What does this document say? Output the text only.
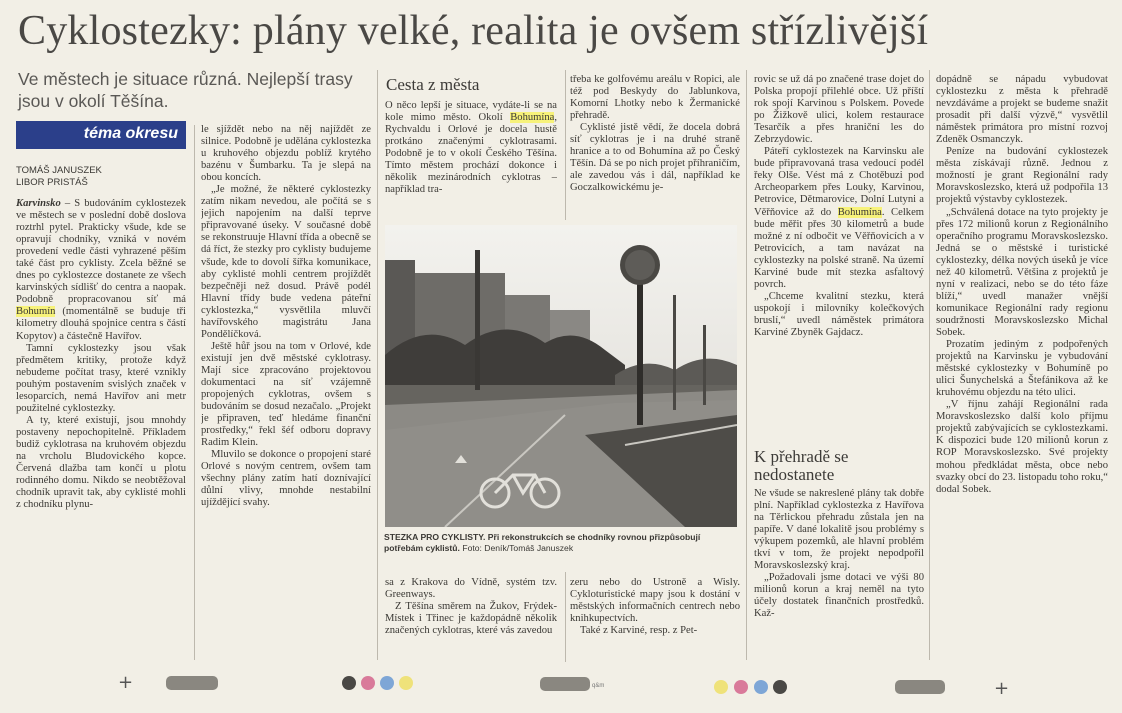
Cyklostezky: plány velké, realita je ovšem střízlivější
Ve městech je situace různá. Nejlepší trasy jsou v okolí Těšína.
téma okresu
TOMÁŠ JANUSZEK
LIBOR PRISTÁŠ

Karvinsko – S budováním cyklostezek ve městech se v poslední době doslova roztrhl pytel. Prakticky všude, kde se opravují chodníky, vzniká v novém provedení vedle části vyhrazené pěším také část pro cyklisty. Zcela běžné se dnes po cyklostezce dostanete ze všech karvinských sídlišť do centra a naopak. Podobně propracovanou síť má Bohumín (momentálně se buduje tři kilometry dlouhá spojnice centra s částí Kopytov) a částečně Havířov.

Tamní cyklostezky jsou však předmětem kritiky, protože když nebudeme počítat trasy, které vznikly pouhým postavením svislých značek v lesoparcích, nemá Havířov ani metr použitelné cyklostezky.

A ty, které existují, jsou mnohdy postaveny nepochopitelně. Příkladem budiž cyklotrasa na kruhovém objezdu na vrcholu Bludovického kopce. Červená dlažba tam končí u plotu rodinného domu. Nikdo se neobtěžoval chodník upravit tak, aby cyklisté mohli z chodníku plynu-

le sjíždět nebo na něj najíždět ze silnice. Podobně je udělána cyklostezka u kruhového objezdu poblíž krytého bazénu v Šumbarku. Ta je slepá na obou koncích.

„Je možné, že některé cyklostezky zatím nikam nevedou, ale počítá se s jejich napojením na další teprve připravované úseky. V současné době se rekonstruuje Hlavní třída a obecně se dá říct, že stezky pro cyklisty budujeme všude, kde to dovolí šířka komunikace, aby cyklisté mohli centrem projíždět bezpečněji než dosud. Právě podél Hlavní třídy bude vedena páteřní cyklostezka,“ vysvětlila mluvčí havířovského magistrátu Jana Pondělíčková.

Ještě hůř jsou na tom v Orlové, kde existují jen dvě městské cyklotrasy. Mají sice zpracováno projektovou dokumentaci na síť vzájemně propojených cyklotras, ovšem s budováním se dosud nezačalo. „Projekt je připraven, teď hledáme finanční prostředky,“ řekl šéf odboru dopravy Radim Klein.

Mluvilo se dokonce o propojení staré Orlové s novým centrem, ovšem tam všechny plány zatím hatí doznívající důlní vlivy, mnohde nestabilní ujíždějící svahy.

Cesta z města

O něco lepší je situace, vydáte-li se na kole mimo město. Okolí Bohumína, Rychvaldu i Orlové je docela hustě protkáno značenými cyklotrasami. Podobně je to v okolí Českého Těšína. Tímto městem prochází dokonce i několik mezinárodních cyklotras – například tra-

třeba ke golfovému areálu v Ropici, ale též pod Beskydy do Jablunkova, Komorní Lhotky nebo k Žermanické přehradě.

Cyklisté jistě vědí, že docela dobrá síť cyklotras je i na druhé straně hranice a to od Bohumína až po Český Těšín. Dá se po nich projet příhraničím, ale zavedou vás i dál, například ke Goczalkowickému je-

STEZKA PRO CYKLISTY. Při rekonstrukcích se chodníky rovnou přizpůsobují potřebám cyklistů. Foto: Deník/Tomáš Januszek

sa z Krakova do Vídně, systém tzv. Greenways.

Z Těšína směrem na Žukov, Frýdek-Místek i Třinec je každopádně několik značených cyklotras, které vás zavedou

zeru nebo do Ustroně a Wisly. Cykloturistické mapy jsou k dostání v městských informačních centrech nebo knihkupectvích.

Také z Karviné, resp. z Pet-

rovic se už dá po značené trase dojet do Polska propojí přilehlé obce. Už příští rok spojí Karvinou s Polskem. Povede po Žižkově ulici, kolem restaurace Tesarčík a přes hraniční les do Zebrzydowic.

Páteří cyklostezek na Karvinsku ale bude připravovaná trasa vedoucí podél řeky Olše. Vést má z Chotěbuzi pod Archeoparkem přes Louky, Karvinou, Petrovice, Dětmarovice, Dolní Lutyni a Věřňovice až do Bohumína. Celkem bude měřit přes 30 kilometrů a bude možné z ní odbočit ve Věřňovicích a v Petrovicích, a tam navázat na cyklostezky na polské straně. Na území Karviné bude mít stezka asfaltový povrch.

„Chceme kvalitní stezku, která uspokojí i milovníky kolečkových bruslí,“ uvedl náměstek primátora Karviné Zbyněk Gajdacz.

K přehradě se nedostanete

Ne všude se nakreslené plány tak dobře plní. Například cyklostezka z Havířova na Těrlickou přehradu zůstala jen na papíře. V dané lokalitě jsou problémy s výkupem pozemků, ale hlavní problém tkví v tom, že projekt nepodpořil Moravskoslezský kraj.

„Požadovali jsme dotaci ve výši 80 milionů korun a kraj neměl na tyto účely dostatek finančních prostředků. Kaž-

dopádně se nápadu vybudovat cyklostezku z města k přehradě nevzdáváme a projekt se budeme snažit prosadit při další výzvě,“ vysvětlil náměstek primátora pro místní rozvoj Zdeněk Osmanczyk.

Peníze na budování cyklostezek města získávají různě. Jednou z možností je grant Regionální rady Moravskoslezsko, která už podpořila 13 projektů výstavby cyklostezek.

„Schválená dotace na tyto projekty je přes 172 milionů korun z Regionálního operačního programu Moravskoslezsko. Jedná se o městské i turistické cyklostezky, délka nových úseků je více než 40 kilometrů. Většina z projektů je nyní v realizaci, nebo se do této fáze blíží,“ uvedl manažer vnější komunikace Regionální rady regionu soudržnosti Moravskoslezsko Michal Sobek.

Prozatím jediným z podpořených projektů na Karvinsku je vybudování městské cyklostezky v Bohumíně po ulici Šunychelská a Štefánikova až ke kruhovému objezdu na této ulici.

„V říjnu zahájí Regionální rada Moravskoslezsko další kolo příjmu projektů zabývajících se cyklostezkami. K dispozici bude 120 milionů korun z ROP Moravskoslezsko. Své projekty mohou předkládat města, obce nebo svazky obcí do 23. listopadu toho roku,“ dodal Sobek.

+	q&m	+
